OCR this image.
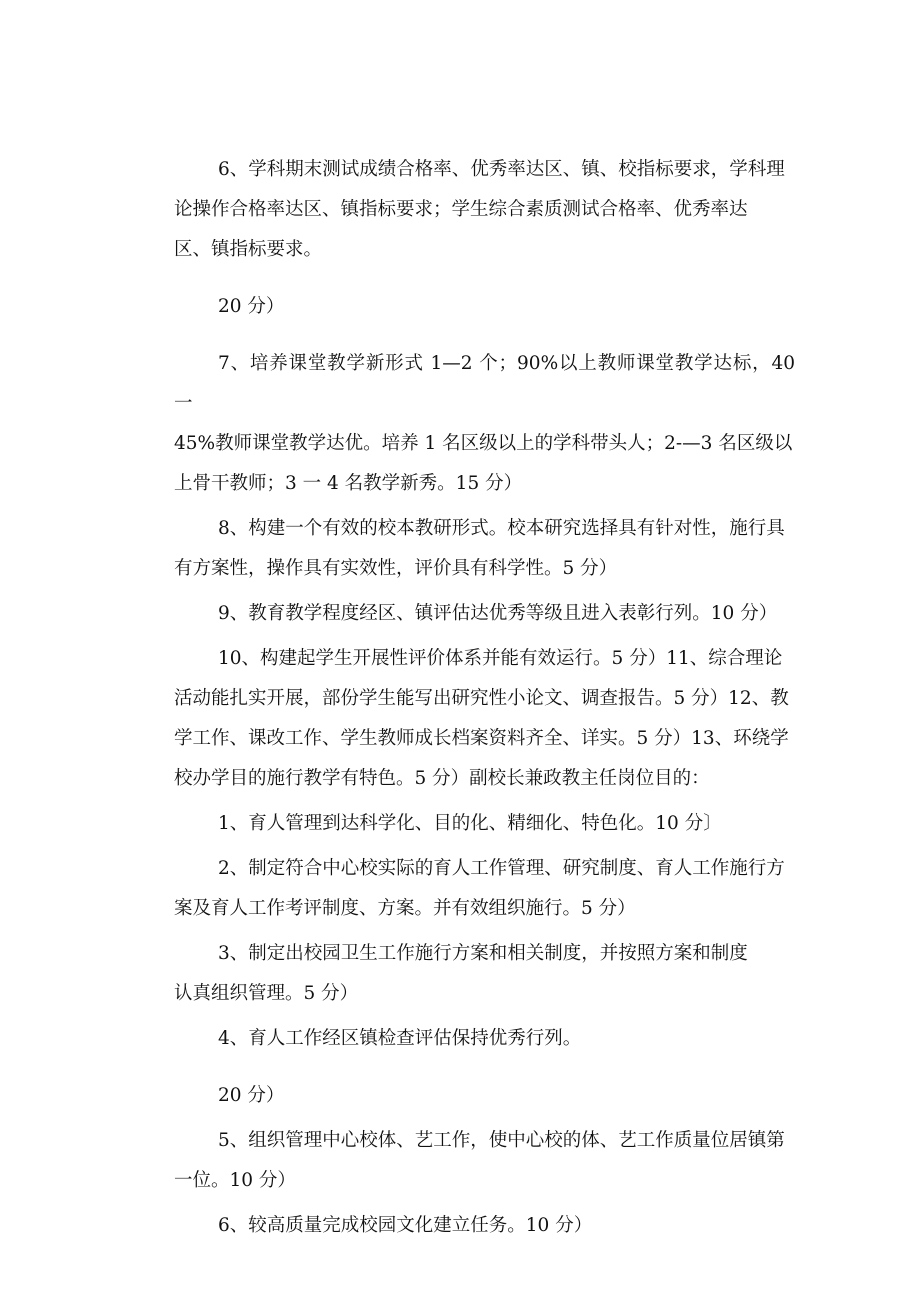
6、学科期末测试成绩合格率、优秀率达区、镇、校指标要求，学科理
论操作合格率达区、镇指标要求；学生综合素质测试合格率、优秀率达
区、镇指标要求。
20 分）
7、培养课堂教学新形式 1—2 个；90%以上教师课堂教学达标，40 一
45%教师课堂教学达优。培养 1 名区级以上的学科带头人；2-—3 名区级以
上骨干教师；3 一 4 名教学新秀。15 分）
8、构建一个有效的校本教研形式。校本研究选择具有针对性，施行具
有方案性，操作具有实效性，评价具有科学性。5 分）
9、教育教学程度经区、镇评估达优秀等级且进入表彰行列。10 分）
10、构建起学生开展性评价体系并能有效运行。5 分）11、综合理论
活动能扎实开展，部份学生能写出研究性小论文、调查报告。5 分）12、教
学工作、课改工作、学生教师成长档案资料齐全、详实。5 分）13、环绕学
校办学目的施行教学有特色。5 分）副校长兼政教主任岗位目的：
1、育人管理到达科学化、目的化、精细化、特色化。10 分〕
2、制定符合中心校实际的育人工作管理、研究制度、育人工作施行方
案及育人工作考评制度、方案。并有效组织施行。5 分）
3、制定出校园卫生工作施行方案和相关制度，并按照方案和制度
认真组织管理。5 分）
4、育人工作经区镇检查评估保持优秀行列。
20 分）
5、组织管理中心校体、艺工作，使中心校的体、艺工作质量位居镇第
一位。10 分）
6、较高质量完成校园文化建立任务。10 分）
